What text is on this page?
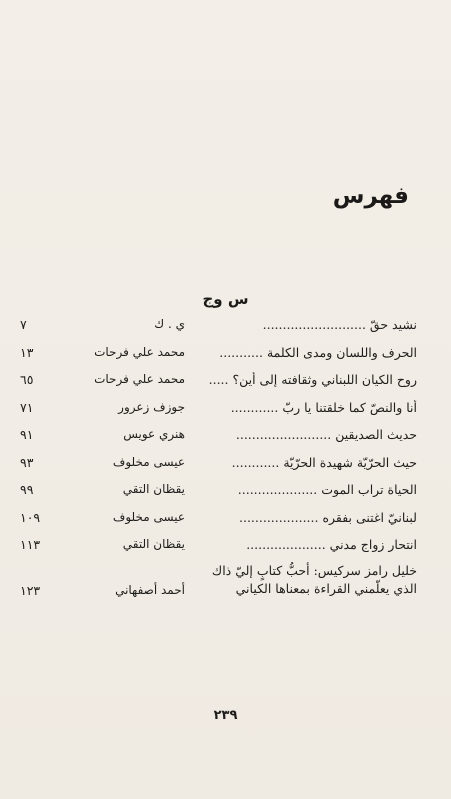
فهرس
س وج
نشيد حقّ ..........................
ي . ك
٧
الحرف واللسان ومدى الكلمة ...........
محمد علي فرحات
١٣
روح الكيان اللبناني وثقافته إلى أين؟ .....
محمد علي فرحات
٦٥
أنا والنصّ كما خلقتنا يا ربّ ............
جوزف زعرور
٧١
حديث الصديقين ........................
هنري عويس
٩١
حيث الحرّيّة شهيدة الحرّيّة ............
عيسى مخلوف
٩٣
الحياة تراب الموت ....................
يقظان التقي
٩٩
لبنانيّ اغتنى بفقره ....................
عيسى مخلوف
١٠٩
انتحار زواج مدني ....................
يقظان التقي
١١٣
خليل رامز سركيس: أحبُّ كتابٍ إليّ ذاك الذي يعلّمني القراءة بمعناها الكياني
أحمد أصفهاني
١٢٣
٢٣٩
